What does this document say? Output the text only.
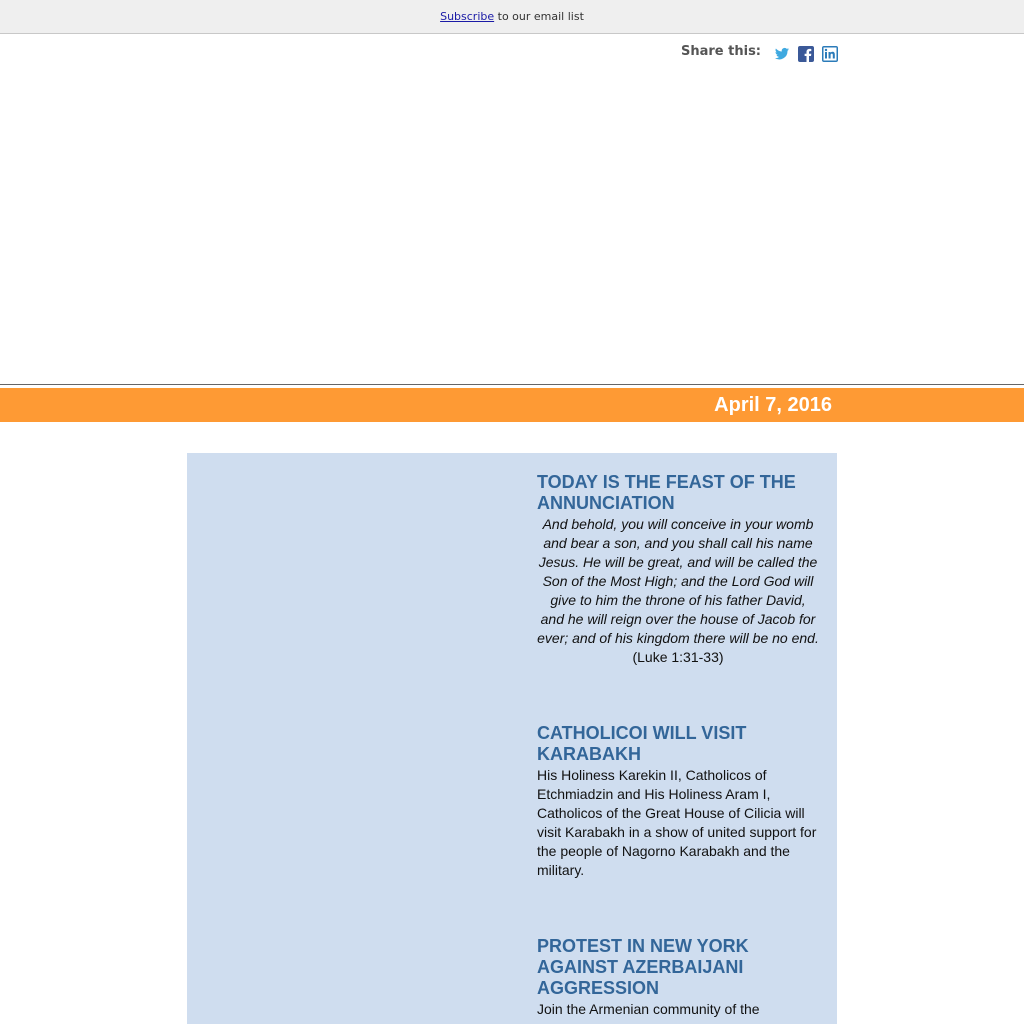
Subscribe to our email list
Share this:
April 7, 2016
TODAY IS THE FEAST OF THE ANNUNCIATION

And behold, you will conceive in your womb and bear a son, and you shall call his name Jesus. He will be great, and will be called the Son of the Most High; and the Lord God will give to him the throne of his father David, and he will reign over the house of Jacob for ever; and of his kingdom there will be no end. (Luke 1:31-33)

CATHOLICOI WILL VISIT KARABAKH

His Holiness Karekin II, Catholicos of Etchmiadzin and His Holiness Aram I, Catholicos of the Great House of Cilicia will visit Karabakh in a show of united support for the people of Nagorno Karabakh and the military.

PROTEST IN NEW YORK AGAINST AZERBAIJANI AGGRESSION

Join the Armenian community of the
